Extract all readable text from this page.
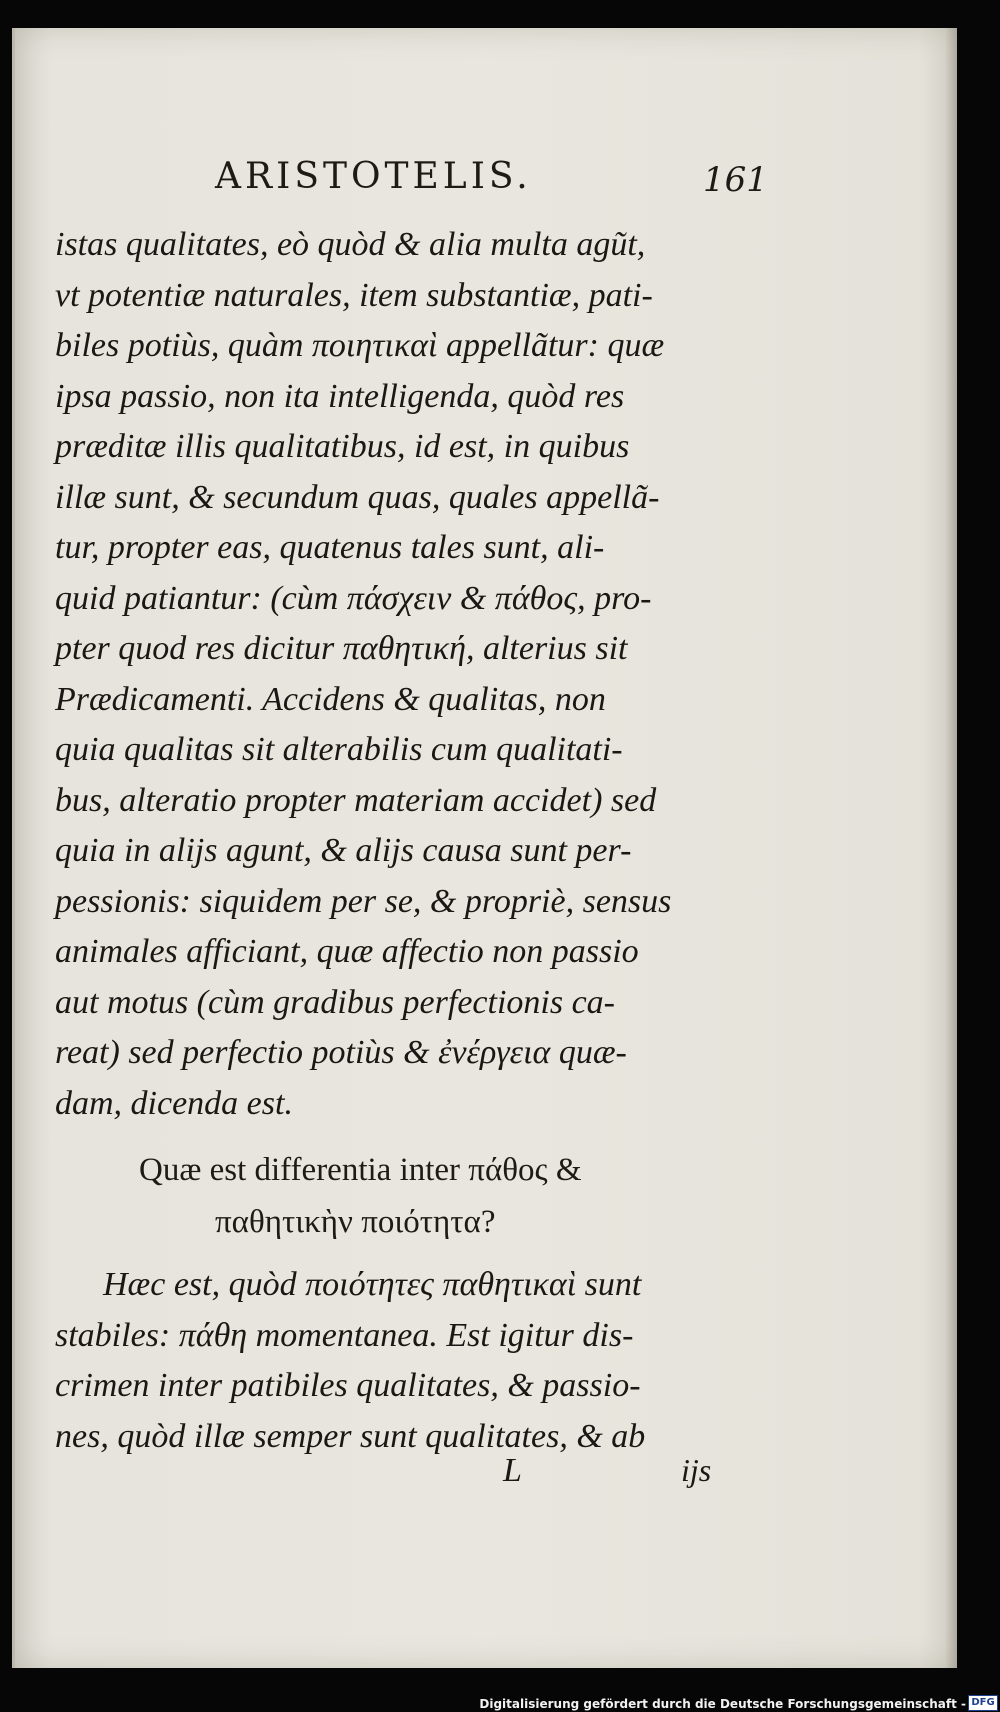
ARISTOTELIS.	161
istas qualitates, eò quòd & alia multa agũt,
vt potentiæ naturales, item substantiæ, pati-
biles potiùs, quàm ποιητικαὶ appellãtur: quæ
ipsa passio, non ita intelligenda, quòd res
præditæ illis qualitatibus, id est, in quibus
illæ sunt, & secundum quas, quales appellã-
tur, propter eas, quatenus tales sunt, ali-
quid patiantur: (cùm πάσχειν & πάθος, pro-
pter quod res dicitur παθητική, alterius sit
Prædicamenti. Accidens & qualitas, non
quia qualitas sit alterabilis cum qualitati-
bus, alteratio propter materiam accidet) sed
quia in alijs agunt, & alijs causa sunt per-
pessionis: siquidem per se, & propriè, sensus
animales afficiant, quæ affectio non passio
aut motus (cùm gradibus perfectionis ca-
reat) sed perfectio potiùs & ἐνέργεια quæ-
dam, dicenda est.
Quæ est differentia inter πάθος &
παθητικὴν ποιότητα?
Hæc est, quòd ποιότητες παθητικαὶ sunt
stabiles: πάθη momentanea. Est igitur dis-
crimen inter patibiles qualitates, & passio-
nes, quòd illæ semper sunt qualitates, & ab
L	ijs
Digitalisierung gefördert durch die Deutsche Forschungsgemeinschaft - DFG
